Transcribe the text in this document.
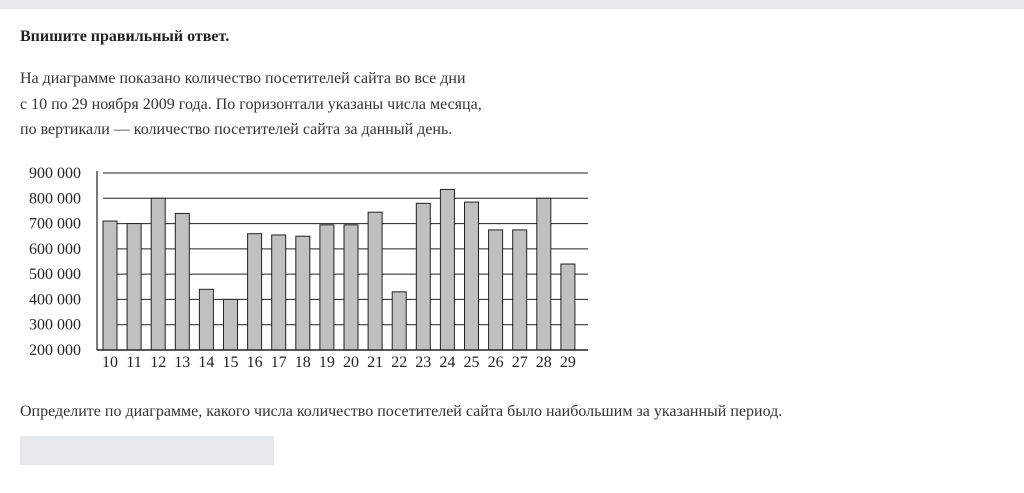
Впишите правильный ответ.
На диаграмме показано количество посетителей сайта во все дни
с 10 по 29 ноября 2009 года. По горизонтали указаны числа месяца,
по вертикали — количество посетителей сайта за данный день.
200 000
300 000
400 000
500 000
600 000
700 000
800 000
900 000
10 11 12 13 14 15 16 17 18 19 20 21 22 23 24 25 26 27 28 29
Определите по диаграмме, какого числа количество посетителей сайта было наибольшим за указанный период.
